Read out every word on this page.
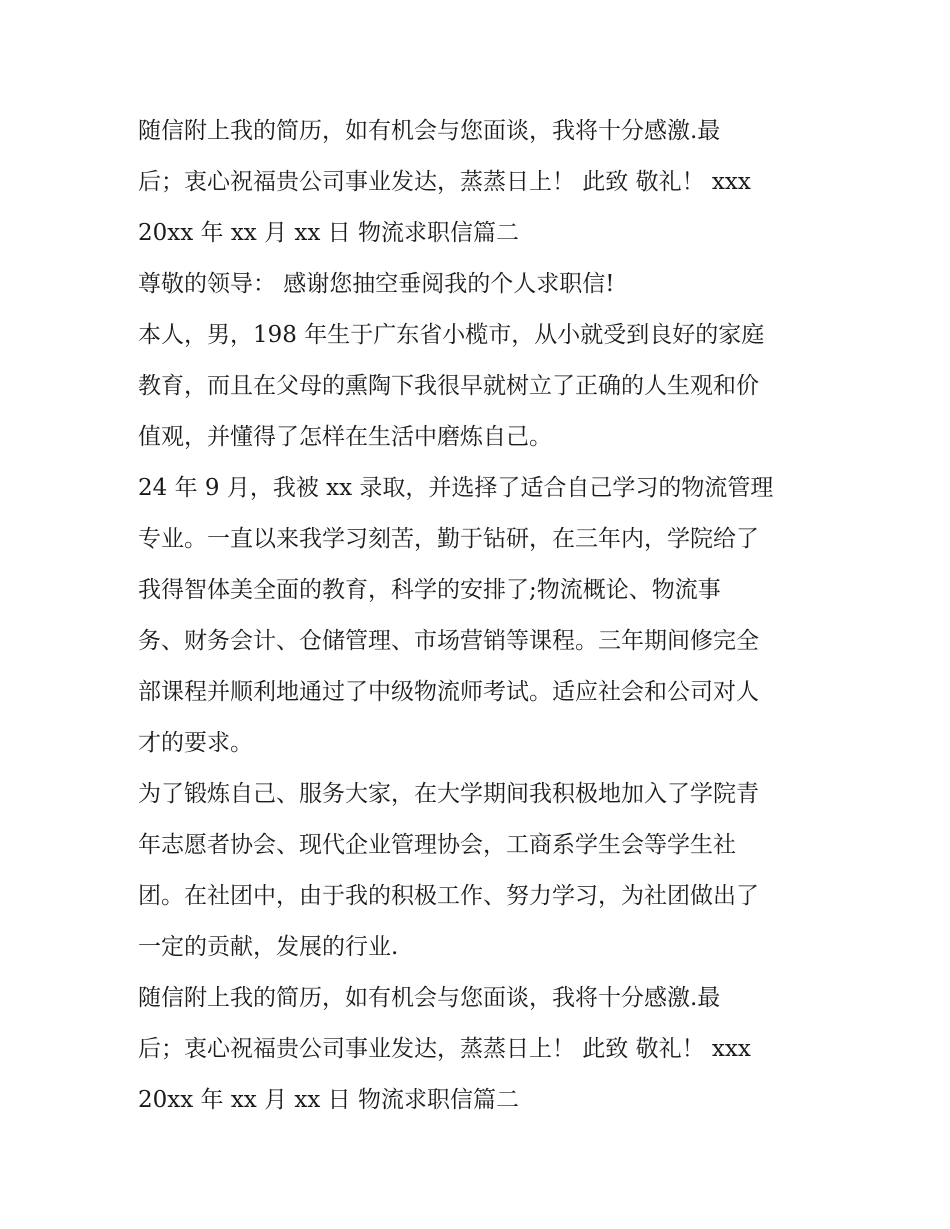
随信附上我的简历，如有机会与您面谈，我将十分感激.最
后；衷心祝福贵公司事业发达，蒸蒸日上！ 此致 敬礼！ xxx
20xx 年 xx 月 xx 日 物流求职信篇二
尊敬的领导： 感谢您抽空垂阅我的个人求职信!
本人，男，198 年生于广东省小榄市，从小就受到良好的家庭
教育，而且在父母的熏陶下我很早就树立了正确的人生观和价
值观，并懂得了怎样在生活中磨炼自己。
24 年 9 月，我被 xx 录取，并选择了适合自己学习的物流管理
专业。一直以来我学习刻苦，勤于钻研，在三年内，学院给了
我得智体美全面的教育，科学的安排了;物流概论、物流事
务、财务会计、仓储管理、市场营销等课程。三年期间修完全
部课程并顺利地通过了中级物流师考试。适应社会和公司对人
才的要求。
为了锻炼自己、服务大家，在大学期间我积极地加入了学院青
年志愿者协会、现代企业管理协会，工商系学生会等学生社
团。在社团中，由于我的积极工作、努力学习，为社团做出了
一定的贡献，发展的行业.
随信附上我的简历，如有机会与您面谈，我将十分感激.最
后；衷心祝福贵公司事业发达，蒸蒸日上！ 此致 敬礼！ xxx
20xx 年 xx 月 xx 日 物流求职信篇二
